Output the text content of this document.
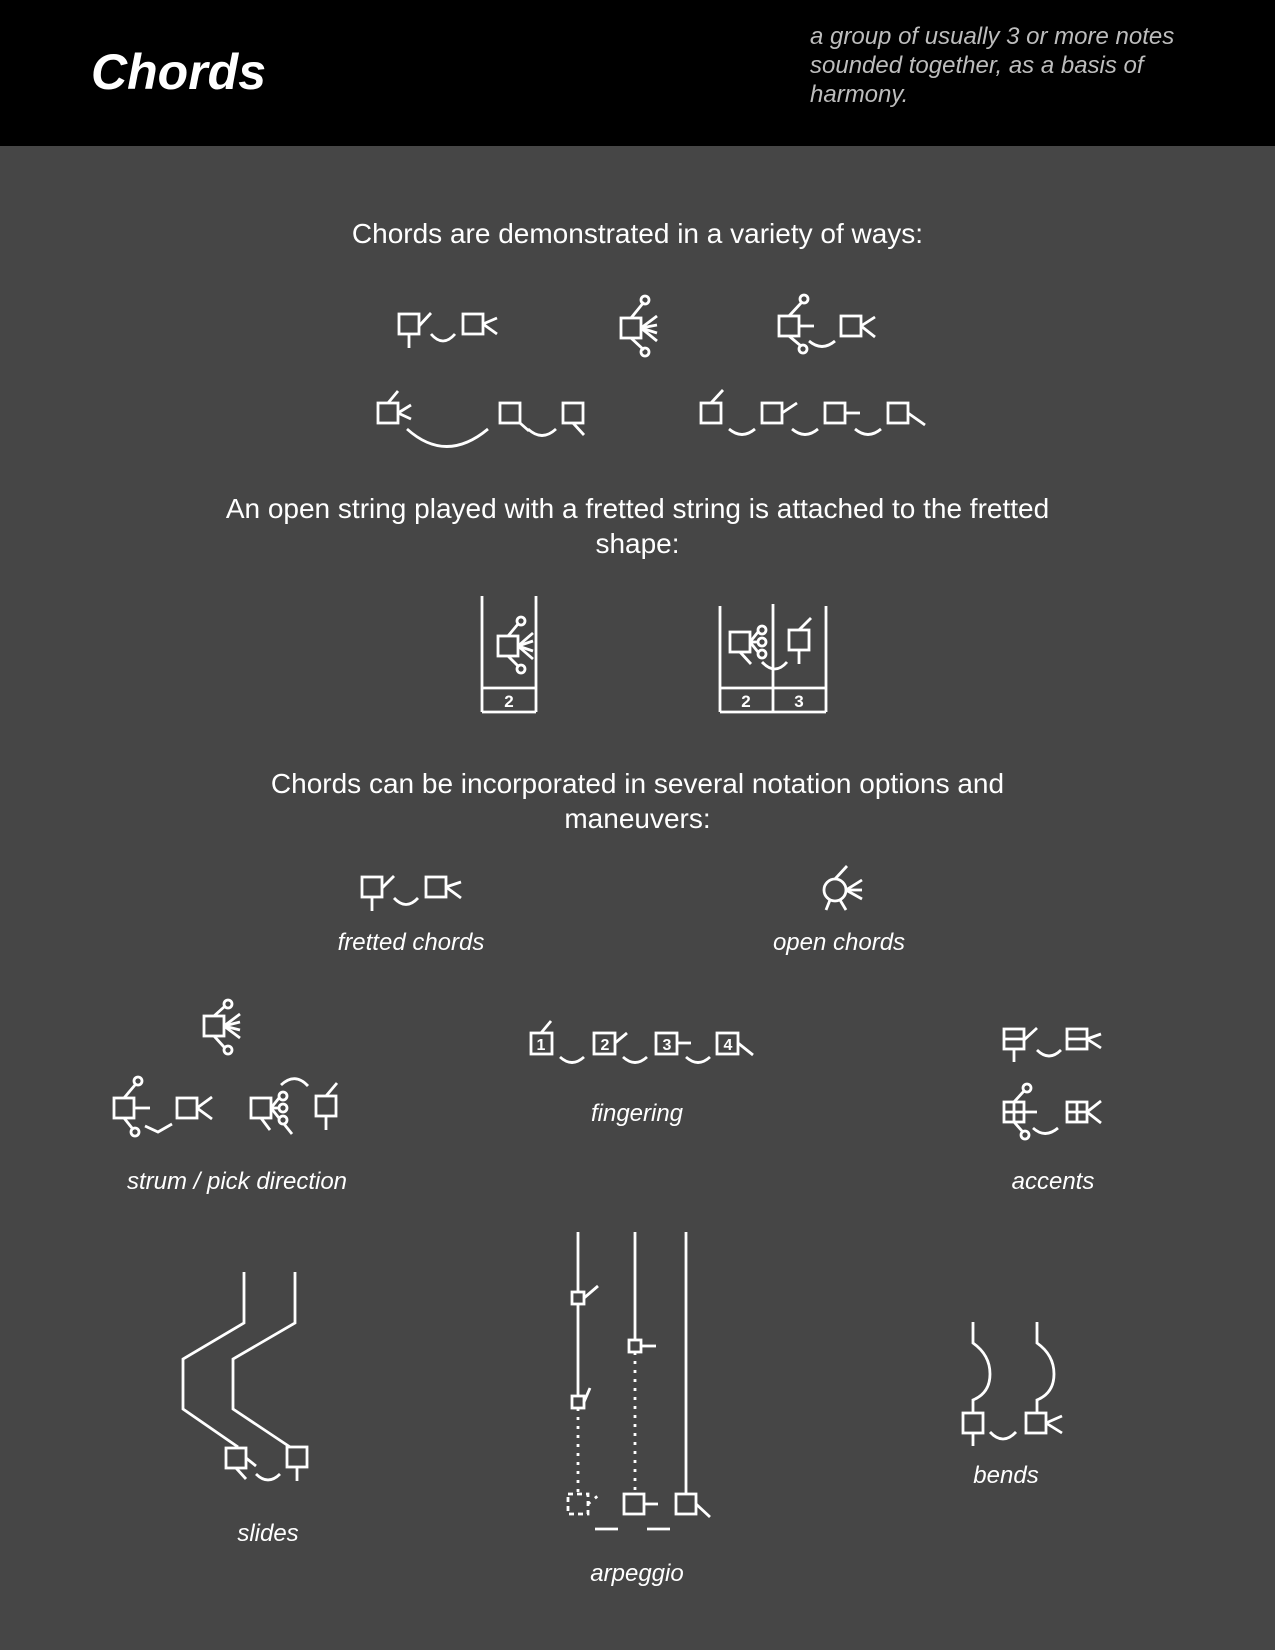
Chords
a group of usually 3 or more notes sounded together, as a basis of harmony.
Chords are demonstrated in a variety of ways:
An open string played with a fretted string is attached to the fretted
shape:
Chords can be incorporated in several notation options and
maneuvers:
2	2	3
1	2	3	4
fretted chords	open chords
strum / pick direction
fingering
accents
slides
arpeggio
bends
